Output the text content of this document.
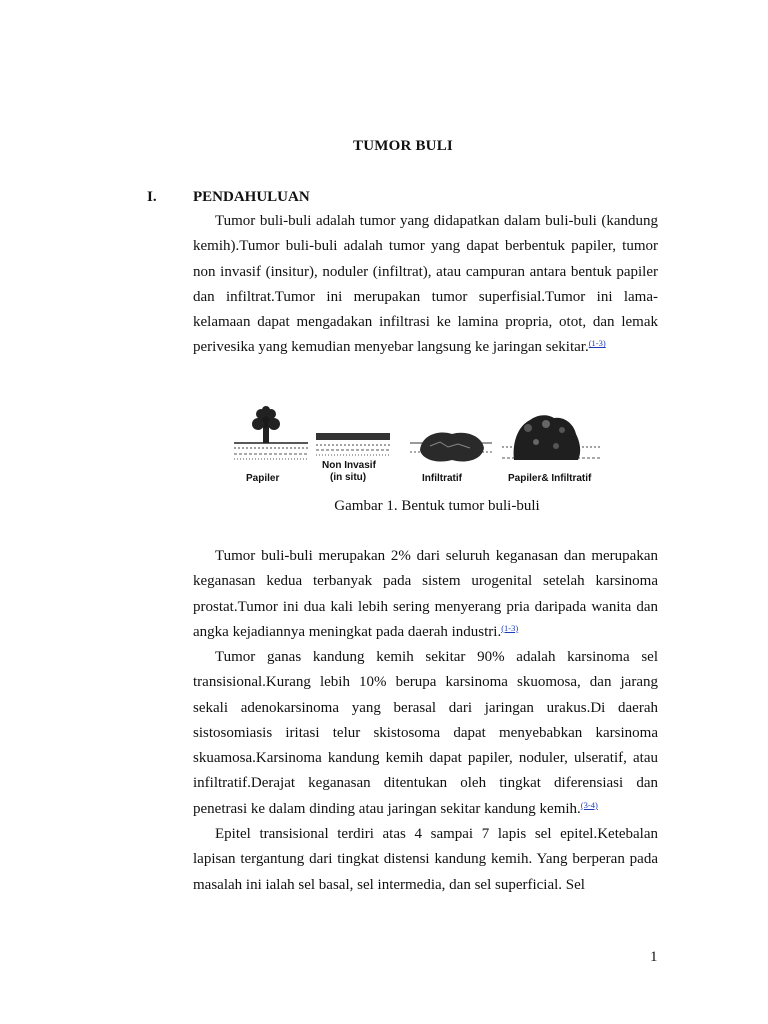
TUMOR BULI
I. PENDAHULUAN

Tumor buli-buli adalah tumor yang didapatkan dalam buli-buli (kandung kemih).Tumor buli-buli adalah tumor yang dapat berbentuk papiler, tumor non invasif (insitur), noduler (infiltrat), atau campuran antara bentuk papiler dan infiltrat.Tumor ini merupakan tumor superfisial.Tumor ini lama-kelamaan dapat mengadakan infiltrasi ke lamina propria, otot, dan lemak perivesika yang kemudian menyebar langsung ke jaringan sekitar.$^{(1-3)}$

Papiler
Non Invasif
(in situ)	Infiltratif	Papiler& Infiltratif
Gambar 1. Bentuk tumor buli-buli

Tumor buli-buli merupakan 2% dari seluruh keganasan dan merupakan keganasan kedua terbanyak pada sistem urogenital setelah karsinoma prostat.Tumor ini dua kali lebih sering menyerang pria daripada wanita dan angka kejadiannya meningkat pada daerah industri.$^{(1-3)}$

Tumor ganas kandung kemih sekitar 90% adalah karsinoma sel transisional.Kurang lebih 10% berupa karsinoma skuomosa, dan jarang sekali adenokarsinoma yang berasal dari jaringan urakus.Di daerah sistosomiasis iritasi telur skistosoma dapat menyebabkan karsinoma skuamosa.Karsinoma kandung kemih dapat papiler, noduler, ulseratif, atau infiltratif.Derajat keganasan ditentukan oleh tingkat diferensiasi dan penetrasi ke dalam dinding atau jaringan sekitar kandung kemih.$^{(3-4)}$

Epitel transisional terdiri atas 4 sampai 7 lapis sel epitel.Ketebalan lapisan tergantung dari tingkat distensi kandung kemih. Yang berperan pada masalah ini ialah sel basal, sel intermedia, dan sel superficial. Sel

1
